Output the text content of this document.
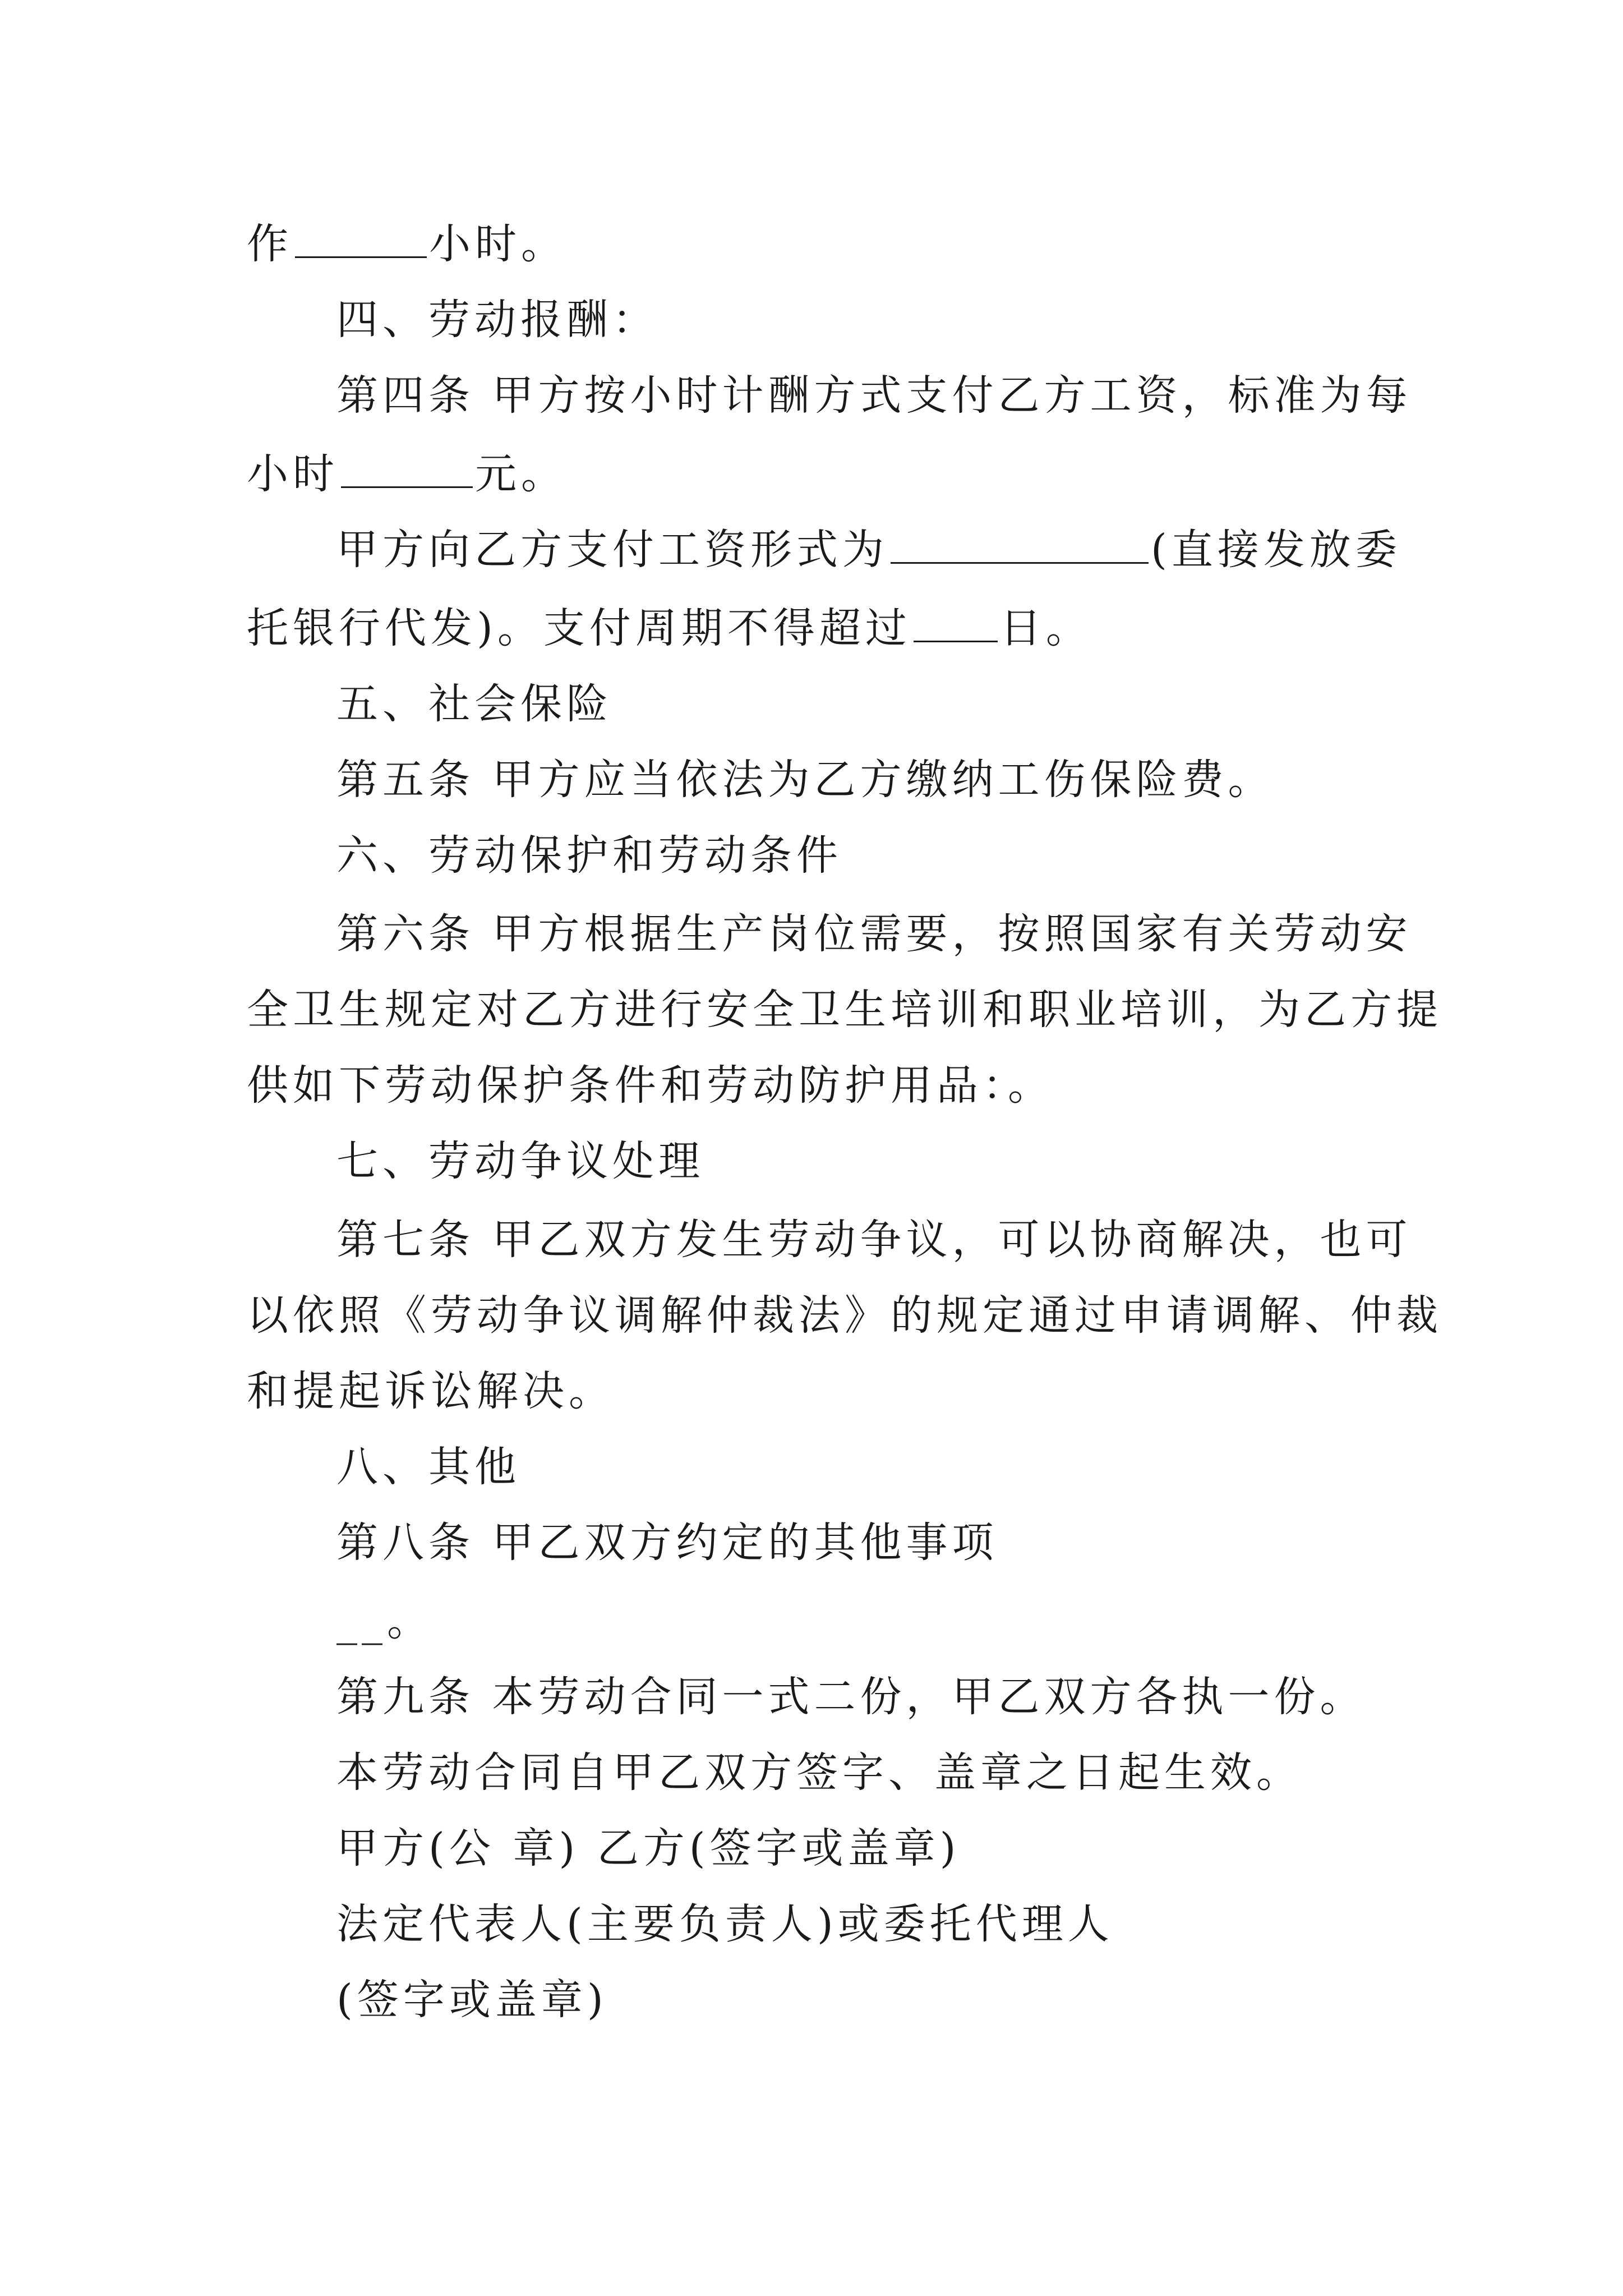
作	小时。
四、劳动报酬：
第四条 甲方按小时计酬方式支付乙方工资，标准为每
小时	元。
甲方向乙方支付工资形式为	(直接发放委
托银行代发)。支付周期不得超过 日。
五、社会保险
第五条 甲方应当依法为乙方缴纳工伤保险费。
六、劳动保护和劳动条件
第六条 甲方根据生产岗位需要，按照国家有关劳动安
全卫生规定对乙方进行安全卫生培训和职业培训，为乙方提
供如下劳动保护条件和劳动防护用品：。
七、劳动争议处理
第七条 甲乙双方发生劳动争议，可以协商解决，也可
以依照《劳动争议调解仲裁法》的规定通过申请调解、仲裁
和提起诉讼解决。
八、其他
第八条 甲乙双方约定的其他事项
__。
第九条 本劳动合同一式二份，甲乙双方各执一份。
本劳动合同自甲乙双方签字、盖章之日起生效。
甲方(公 章) 乙方(签字或盖章)
法定代表人(主要负责人)或委托代理人
(签字或盖章)
